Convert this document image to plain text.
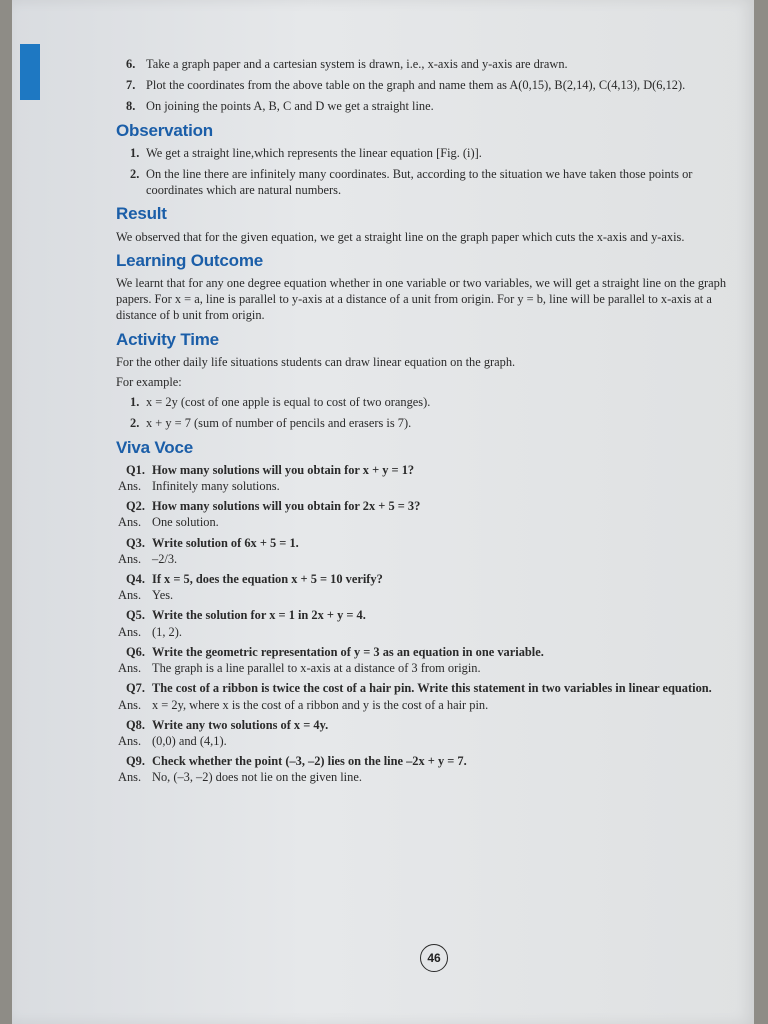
6. Take a graph paper and a cartesian system is drawn, i.e., x-axis and y-axis are drawn.
7. Plot the coordinates from the above table on the graph and name them as A(0,15), B(2,14), C(4,13), D(6,12).
8. On joining the points A, B, C and D we get a straight line.
Observation
1. We get a straight line,which represents the linear equation [Fig. (i)].
2. On the line there are infinitely many coordinates. But, according to the situation we have taken those points or coordinates which are natural numbers.
Result

We observed that for the given equation, we get a straight line on the graph paper which cuts the x-axis and y-axis.

Learning Outcome

We learnt that for any one degree equation whether in one variable or two variables, we will get a straight line on the graph papers. For x = a, line is parallel to y-axis at a distance of a unit from origin. For y = b, line will be parallel to x-axis at a distance of b unit from origin.

Activity Time

For the other daily life situations students can draw linear equation on the graph.

For example:

1. x = 2y (cost of one apple is equal to cost of two oranges).
2. x + y = 7 (sum of number of pencils and erasers is 7).
Viva Voce
Q1. How many solutions will you obtain for x + y = 1?
Ans. Infinitely many solutions.
Q2. How many solutions will you obtain for 2x + 5 = 3?
Ans. One solution.
Q3. Write solution of 6x + 5 = 1.
Ans. –2/3.
Q4. If x = 5, does the equation x + 5 = 10 verify?
Ans. Yes.
Q5. Write the solution for x = 1 in 2x + y = 4.
Ans. (1, 2).
Q6. Write the geometric representation of y = 3 as an equation in one variable.
Ans. The graph is a line parallel to x-axis at a distance of 3 from origin.
Q7. The cost of a ribbon is twice the cost of a hair pin. Write this statement in two variables in linear equation.
Ans. x = 2y, where x is the cost of a ribbon and y is the cost of a hair pin.
Q8. Write any two solutions of x = 4y.
Ans. (0,0) and (4,1).
Q9. Check whether the point (–3, –2) lies on the line –2x + y = 7.
Ans. No, (–3, –2) does not lie on the given line.
46
